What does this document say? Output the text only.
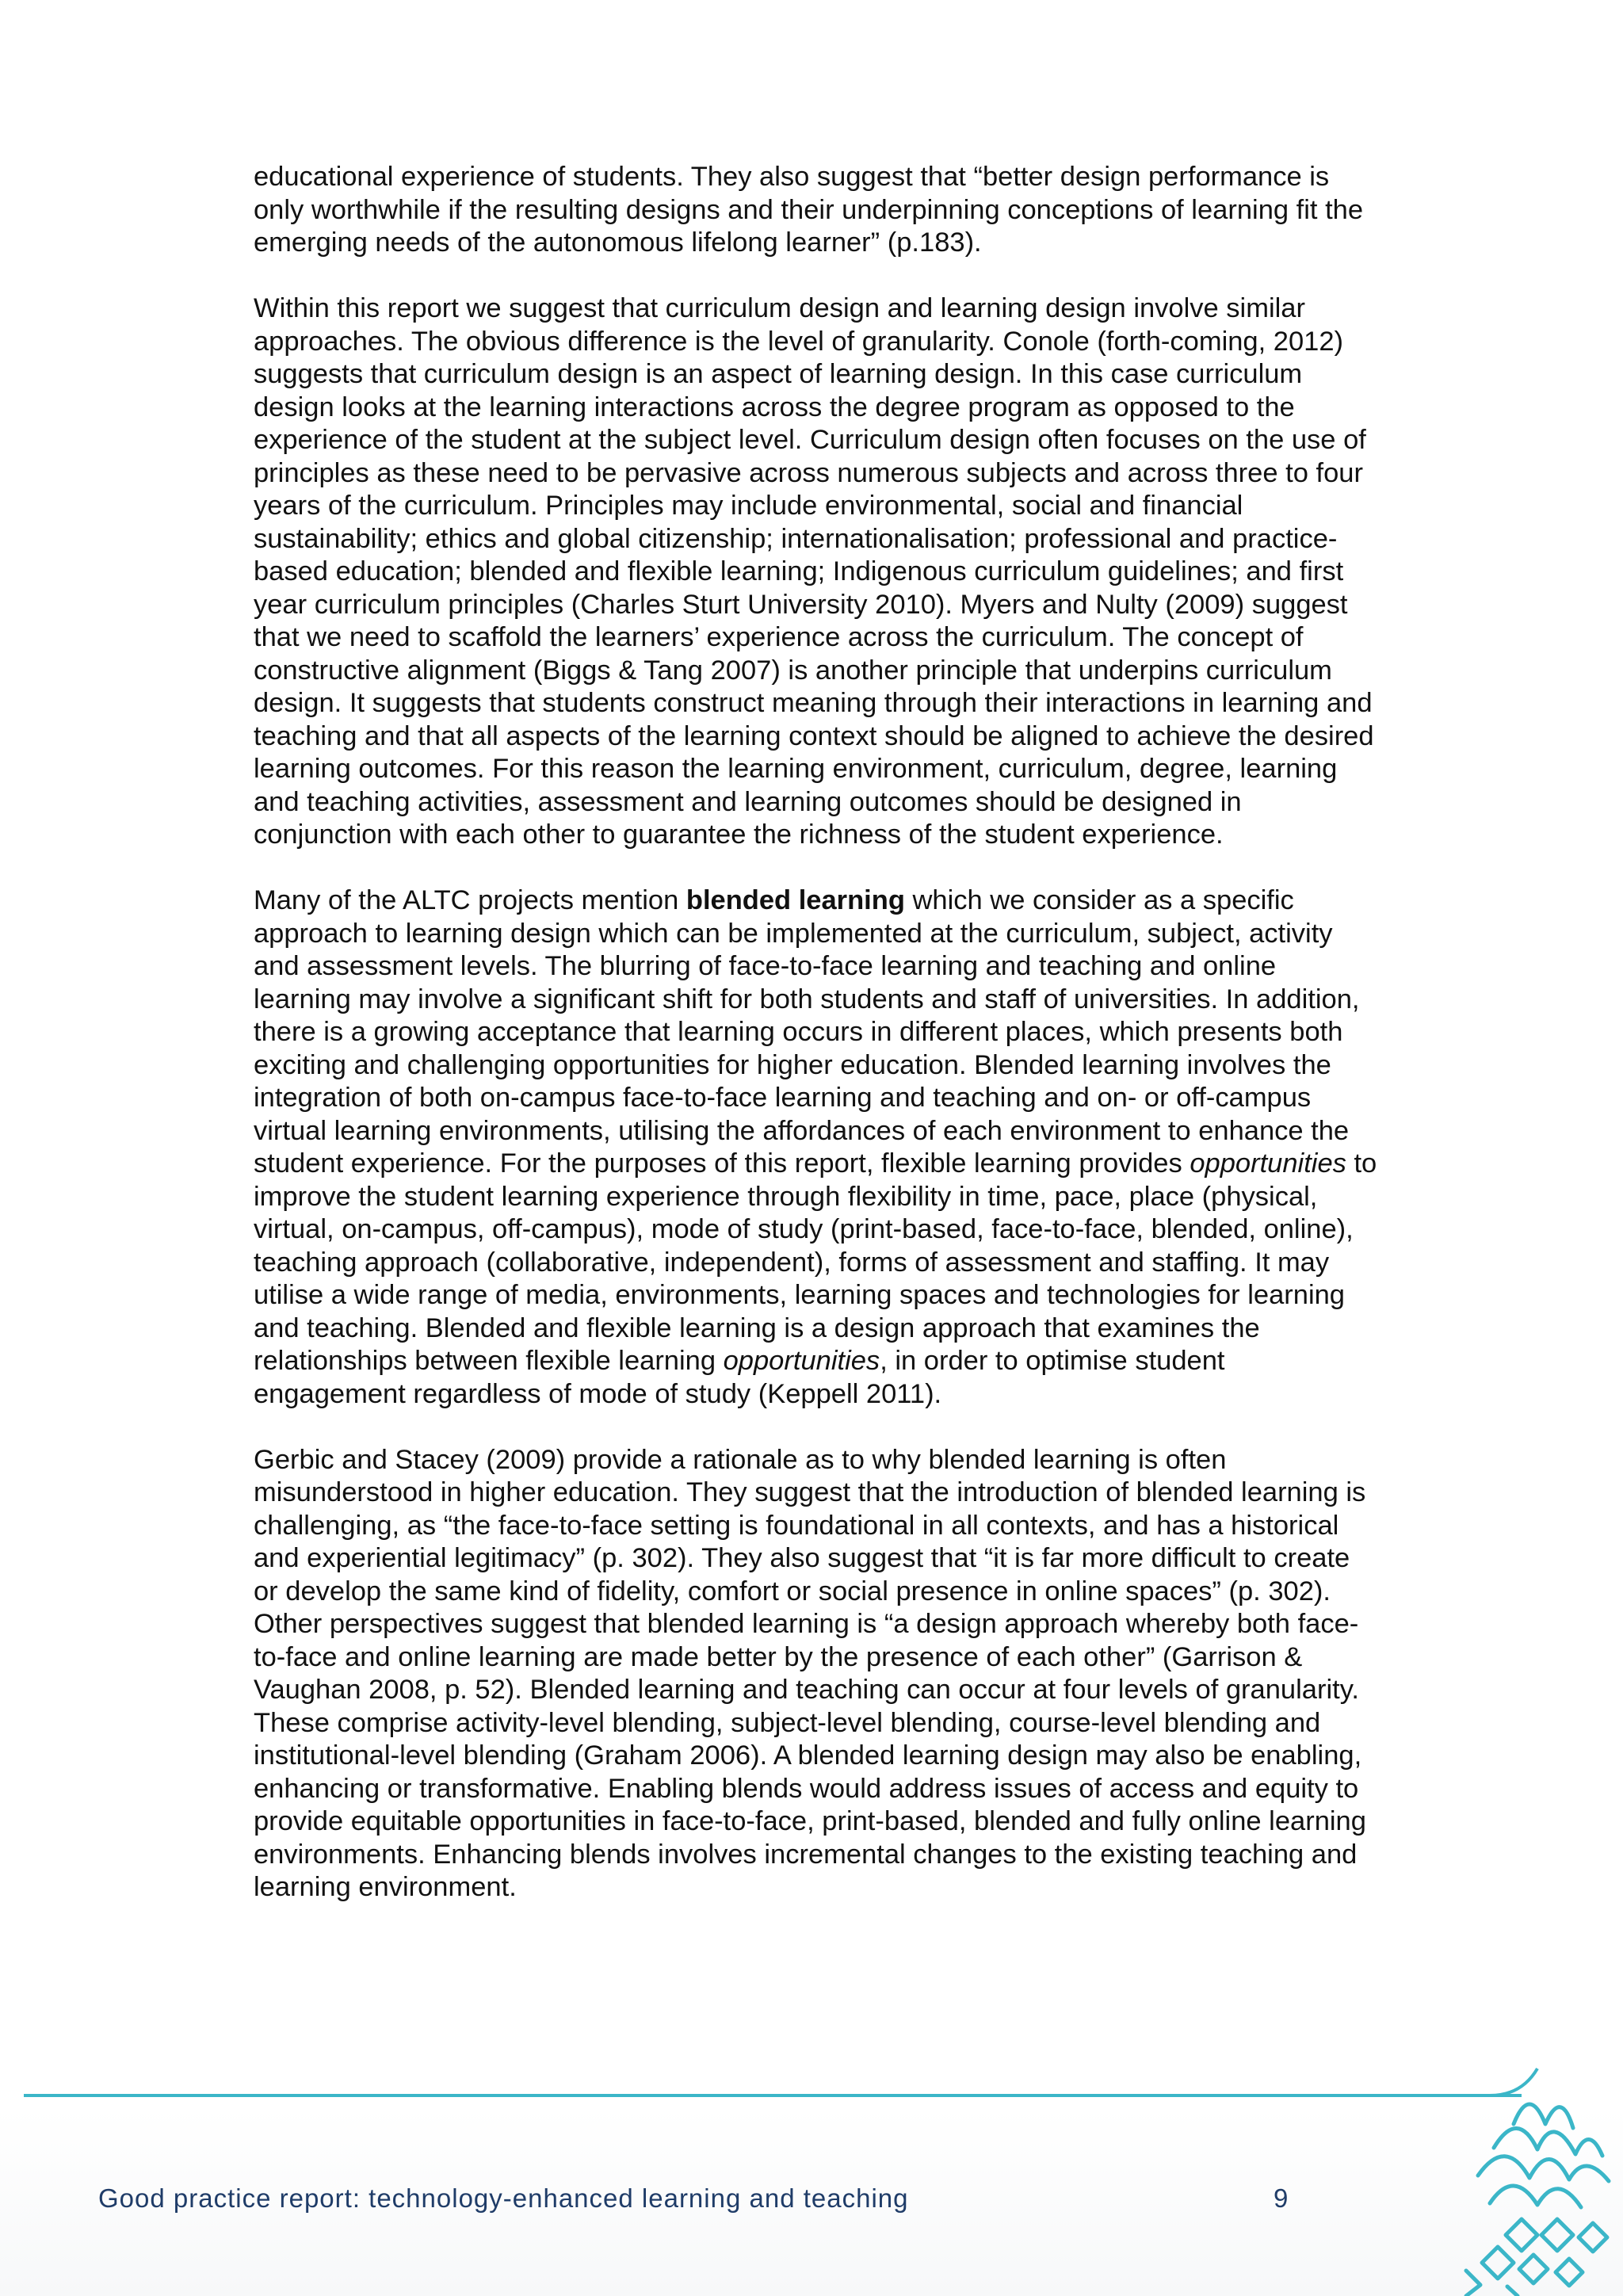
educational experience of students. They also suggest that “better design performance is only worthwhile if the resulting designs and their underpinning conceptions of learning fit the emerging needs of the autonomous lifelong learner” (p.183).

Within this report we suggest that curriculum design and learning design involve similar approaches. The obvious difference is the level of granularity. Conole (forth-coming, 2012) suggests that curriculum design is an aspect of learning design. In this case curriculum design looks at the learning interactions across the degree program as opposed to the experience of the student at the subject level. Curriculum design often focuses on the use of principles as these need to be pervasive across numerous subjects and across three to four years of the curriculum. Principles may include environmental, social and financial sustainability; ethics and global citizenship; internationalisation; professional and practice-based education; blended and flexible learning; Indigenous curriculum guidelines; and first year curriculum principles (Charles Sturt University 2010). Myers and Nulty (2009) suggest that we need to scaffold the learners’ experience across the curriculum. The concept of constructive alignment (Biggs & Tang 2007) is another principle that underpins curriculum design. It suggests that students construct meaning through their interactions in learning and teaching and that all aspects of the learning context should be aligned to achieve the desired learning outcomes. For this reason the learning environment, curriculum, degree, learning and teaching activities, assessment and learning outcomes should be designed in conjunction with each other to guarantee the richness of the student experience.

Many of the ALTC projects mention blended learning which we consider as a specific approach to learning design which can be implemented at the curriculum, subject, activity and assessment levels. The blurring of face-to-face learning and teaching and online learning may involve a significant shift for both students and staff of universities. In addition, there is a growing acceptance that learning occurs in different places, which presents both exciting and challenging opportunities for higher education. Blended learning involves the integration of both on-campus face-to-face learning and teaching and on- or off-campus virtual learning environments, utilising the affordances of each environment to enhance the student experience. For the purposes of this report, flexible learning provides opportunities to improve the student learning experience through flexibility in time, pace, place (physical, virtual, on-campus, off-campus), mode of study (print-based, face-to-face, blended, online), teaching approach (collaborative, independent), forms of assessment and staffing. It may utilise a wide range of media, environments, learning spaces and technologies for learning and teaching. Blended and flexible learning is a design approach that examines the relationships between flexible learning opportunities, in order to optimise student engagement regardless of mode of study (Keppell 2011).

Gerbic and Stacey (2009) provide a rationale as to why blended learning is often misunderstood in higher education. They suggest that the introduction of blended learning is challenging, as “the face-to-face setting is foundational in all contexts, and has a historical and experiential legitimacy” (p. 302). They also suggest that “it is far more difficult to create or develop the same kind of fidelity, comfort or social presence in online spaces” (p. 302). Other perspectives suggest that blended learning is “a design approach whereby both face-to-face and online learning are made better by the presence of each other” (Garrison & Vaughan 2008, p. 52). Blended learning and teaching can occur at four levels of granularity. These comprise activity-level blending, subject-level blending, course-level blending and institutional-level blending (Graham 2006). A blended learning design may also be enabling, enhancing or transformative. Enabling blends would address issues of access and equity to provide equitable opportunities in face-to-face, print-based, blended and fully online learning environments. Enhancing blends involves incremental changes to the existing teaching and learning environment.

Good practice report: technology-enhanced learning and teaching	9
